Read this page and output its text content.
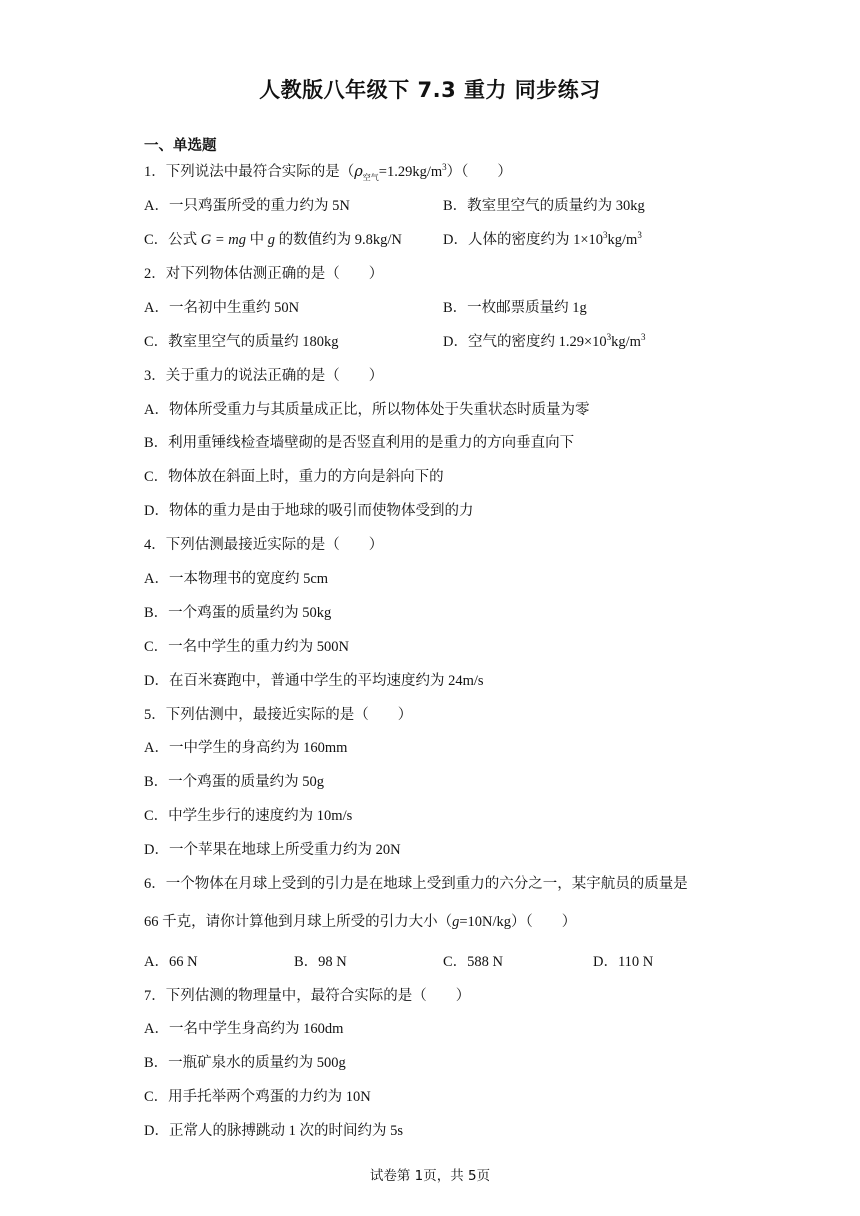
人教版八年级下 7.3 重力 同步练习
一、单选题
1．下列说法中最符合实际的是$(\rho_{空气}=1.29kg/m^3)$（　　）
A．一只鸡蛋所受的重力约为 5N	B．教室里空气的质量约为 30kg
C．公式 G = mg 中 g 的数值约为 9.8kg/N	D．人体的密度约为 $1\times 10^3kg/m^3$
2．对下列物体估测正确的是（　　）
A．一名初中生重约 50N	B．一枚邮票质量约 1g
C．教室里空气的质量约 180kg	D．空气的密度约 $1.29\times 10^3kg/m^3$
3．关于重力的说法正确的是（　　）
A．物体所受重力与其质量成正比，所以物体处于失重状态时质量为零
B．利用重锤线检查墙壁砌的是否竖直利用的是重力的方向垂直向下
C．物体放在斜面上时，重力的方向是斜向下的
D．物体的重力是由于地球的吸引而使物体受到的力
4．下列估测最接近实际的是（　　）
A．一本物理书的宽度约 5cm
B．一个鸡蛋的质量约为 50kg
C．一名中学生的重力约为 500N
D．在百米赛跑中，普通中学生的平均速度约为 24m/s
5．下列估测中，最接近实际的是（　　）
A．一中学生的身高约为 160mm
B．一个鸡蛋的质量约为 50g
C．中学生步行的速度约为 10m/s
D．一个苹果在地球上所受重力约为 20N
6．一个物体在月球上受到的引力是在地球上受到重力的六分之一，某宇航员的质量是
66 千克，请你计算他到月球上所受的引力大小（g=10N/kg）（　　）
A．66 N	B．98 N	C．588 N	D．110 N
7．下列估测的物理量中，最符合实际的是（　　）
A．一名中学生身高约为 160dm
B．一瓶矿泉水的质量约为 500g
C．用手托举两个鸡蛋的力约为 10N
D．正常人的脉搏跳动 1 次的时间约为 5s
试卷第 1页，共 5页
